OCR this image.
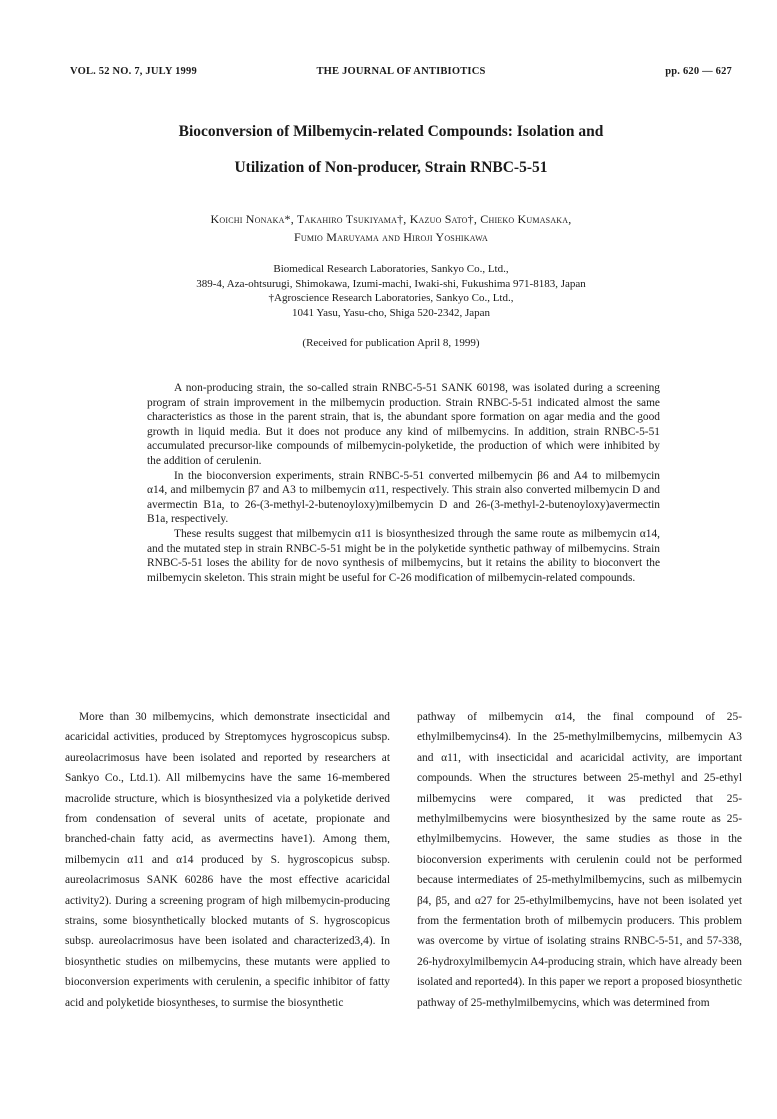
VOL. 52 NO. 7, JULY 1999	THE JOURNAL OF ANTIBIOTICS	pp. 620 — 627
Bioconversion of Milbemycin-related Compounds: Isolation and
Utilization of Non-producer, Strain RNBC-5-51
Koichi Nonaka*, Takahiro Tsukiyama†, Kazuo Sato†, Chieko Kumasaka,
Fumio Maruyama and Hiroji Yoshikawa
Biomedical Research Laboratories, Sankyo Co., Ltd.,
389-4, Aza-ohtsurugi, Shimokawa, Izumi-machi, Iwaki-shi, Fukushima 971-8183, Japan
†Agroscience Research Laboratories, Sankyo Co., Ltd.,
1041 Yasu, Yasu-cho, Shiga 520-2342, Japan
(Received for publication April 8, 1999)

A non-producing strain, the so-called strain RNBC-5-51 SANK 60198, was isolated during a screening program of strain improvement in the milbemycin production. Strain RNBC-5-51 indicated almost the same characteristics as those in the parent strain, that is, the abundant spore formation on agar media and the good growth in liquid media. But it does not produce any kind of milbemycins. In addition, strain RNBC-5-51 accumulated precursor-like compounds of milbemycin-polyketide, the production of which were inhibited by the addition of cerulenin.

In the bioconversion experiments, strain RNBC-5-51 converted milbemycin β6 and A4 to milbemycin α14, and milbemycin β7 and A3 to milbemycin α11, respectively. This strain also converted milbemycin D and avermectin B1a, to 26-(3-methyl-2-butenoyloxy)milbemycin D and 26-(3-methyl-2-butenoyloxy)avermectin B1a, respectively.

These results suggest that milbemycin α11 is biosynthesized through the same route as milbemycin α14, and the mutated step in strain RNBC-5-51 might be in the polyketide synthetic pathway of milbemycins. Strain RNBC-5-51 loses the ability for de novo synthesis of milbemycins, but it retains the ability to bioconvert the milbemycin skeleton. This strain might be useful for C-26 modification of milbemycin-related compounds.

More than 30 milbemycins, which demonstrate insecticidal and acaricidal activities, produced by Streptomyces hygroscopicus subsp. aureolacrimosus have been isolated and reported by researchers at Sankyo Co., Ltd.1). All milbemycins have the same 16-membered macrolide structure, which is biosynthesized via a polyketide derived from condensation of several units of acetate, propionate and branched-chain fatty acid, as avermectins have1). Among them, milbemycin α11 and α14 produced by S. hygroscopicus subsp. aureolacrimosus SANK 60286 have the most effective acaricidal activity2). During a screening program of high milbemycin-producing strains, some biosynthetically blocked mutants of S. hygroscopicus subsp. aureolacrimosus have been isolated and characterized3,4). In biosynthetic studies on milbemycins, these mutants were applied to bioconversion experiments with cerulenin, a specific inhibitor of fatty acid and polyketide biosyntheses, to surmise the biosynthetic

pathway of milbemycin α14, the final compound of 25-ethylmilbemycins4). In the 25-methylmilbemycins, milbemycin A3 and α11, with insecticidal and acaricidal activity, are important compounds. When the structures between 25-methyl and 25-ethyl milbemycins were compared, it was predicted that 25-methylmilbemycins were biosynthesized by the same route as 25-ethylmilbemycins. However, the same studies as those in the bioconversion experiments with cerulenin could not be performed because intermediates of 25-methylmilbemycins, such as milbemycin β4, β5, and α27 for 25-ethylmilbemycins, have not been isolated yet from the fermentation broth of milbemycin producers. This problem was overcome by virtue of isolating strains RNBC-5-51, and 57-338, 26-hydroxylmilbemycin A4-producing strain, which have already been isolated and reported4). In this paper we report a proposed biosynthetic pathway of 25-methylmilbemycins, which was determined from
